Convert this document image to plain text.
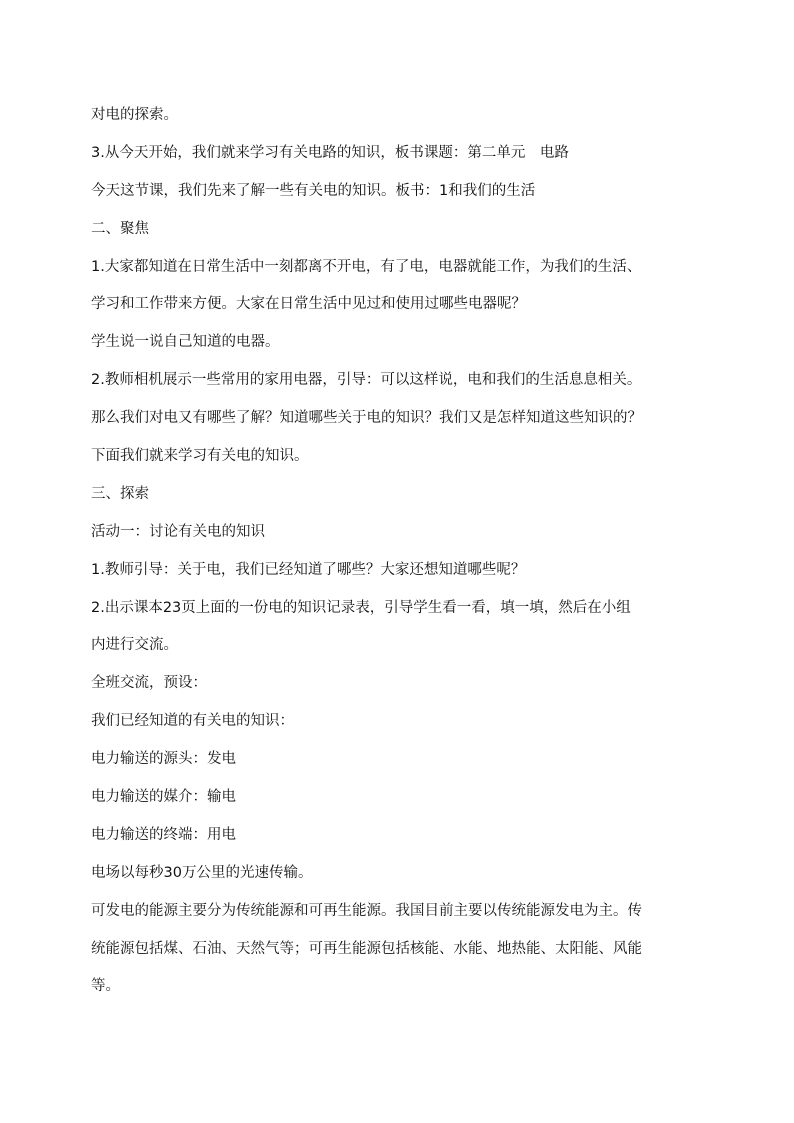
对电的探索。
3.从今天开始，我们就来学习有关电路的知识，板书课题：第二单元　电路
今天这节课，我们先来了解一些有关电的知识。板书：1和我们的生活
二、聚焦
1.大家都知道在日常生活中一刻都离不开电，有了电，电器就能工作，为我们的生活、
学习和工作带来方便。大家在日常生活中见过和使用过哪些电器呢？
学生说一说自己知道的电器。
2.教师相机展示一些常用的家用电器，引导：可以这样说，电和我们的生活息息相关。
那么我们对电又有哪些了解？知道哪些关于电的知识？我们又是怎样知道这些知识的？
下面我们就来学习有关电的知识。
三、探索
活动一：讨论有关电的知识
1.教师引导：关于电，我们已经知道了哪些？大家还想知道哪些呢？
2.出示课本23页上面的一份电的知识记录表，引导学生看一看，填一填，然后在小组
内进行交流。
全班交流，预设：
我们已经知道的有关电的知识：
电力输送的源头：发电
电力输送的媒介：输电
电力输送的终端：用电
电场以每秒30万公里的光速传输。
可发电的能源主要分为传统能源和可再生能源。我国目前主要以传统能源发电为主。传
统能源包括煤、石油、天然气等；可再生能源包括核能、水能、地热能、太阳能、风能
等。
